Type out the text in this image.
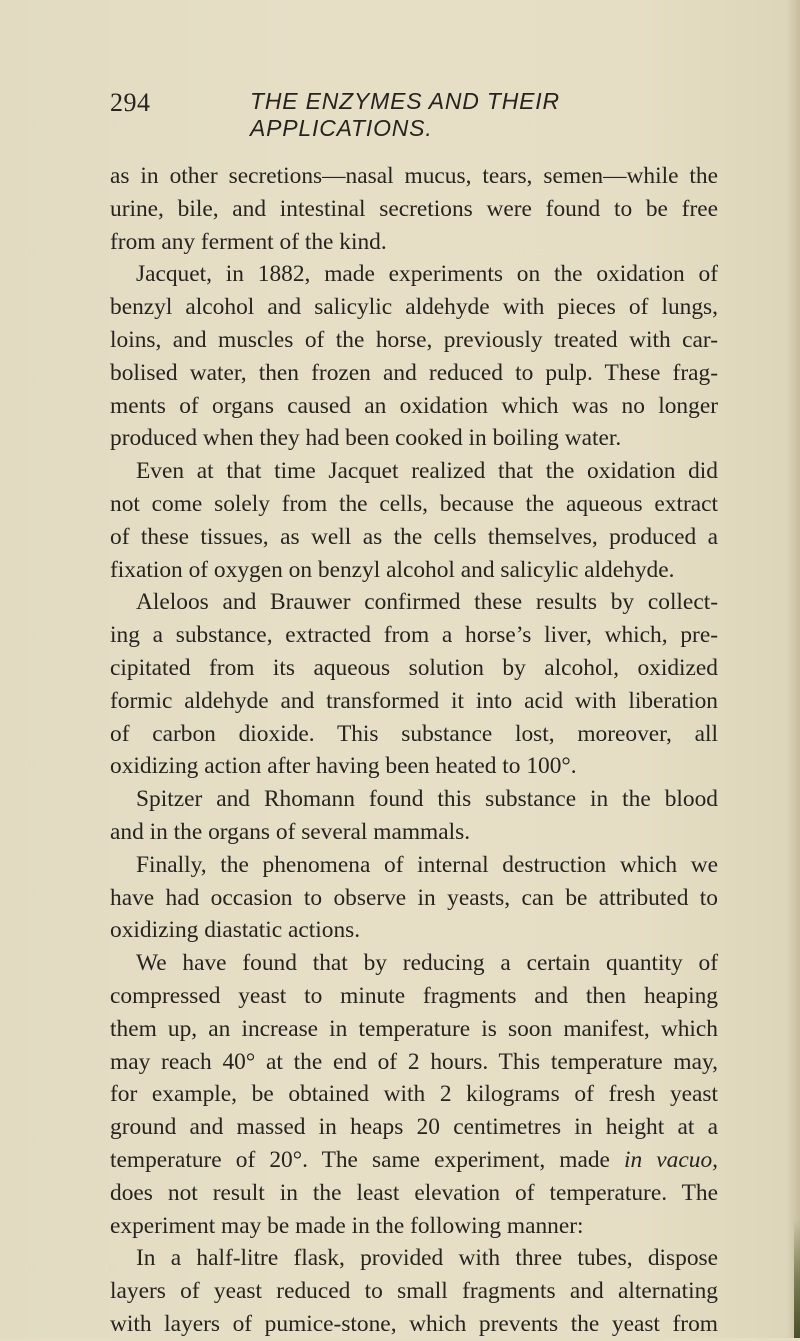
294	THE ENZYMES AND THEIR APPLICATIONS.
as in other secretions—nasal mucus, tears, semen—while the
urine, bile, and intestinal secretions were found to be free
from any ferment of the kind.
Jacquet, in 1882, made experiments on the oxidation of
benzyl alcohol and salicylic aldehyde with pieces of lungs,
loins, and muscles of the horse, previously treated with car-
bolised water, then frozen and reduced to pulp. These frag-
ments of organs caused an oxidation which was no longer
produced when they had been cooked in boiling water.
Even at that time Jacquet realized that the oxidation did
not come solely from the cells, because the aqueous extract
of these tissues, as well as the cells themselves, produced a
fixation of oxygen on benzyl alcohol and salicylic aldehyde.
Aleloos and Brauwer confirmed these results by collect-
ing a substance, extracted from a horse’s liver, which, pre-
cipitated from its aqueous solution by alcohol, oxidized
formic aldehyde and transformed it into acid with liberation
of carbon dioxide. This substance lost, moreover, all
oxidizing action after having been heated to 100°.
Spitzer and Rhomann found this substance in the blood
and in the organs of several mammals.
Finally, the phenomena of internal destruction which we
have had occasion to observe in yeasts, can be attributed to
oxidizing diastatic actions.
We have found that by reducing a certain quantity of
compressed yeast to minute fragments and then heaping
them up, an increase in temperature is soon manifest, which
may reach 40° at the end of 2 hours. This temperature may,
for example, be obtained with 2 kilograms of fresh yeast
ground and massed in heaps 20 centimetres in height at a
temperature of 20°. The same experiment, made in vacuo,
does not result in the least elevation of temperature. The
experiment may be made in the following manner:
In a half-litre flask, provided with three tubes, dispose
layers of yeast reduced to small fragments and alternating
with layers of pumice-stone, which prevents the yeast from
